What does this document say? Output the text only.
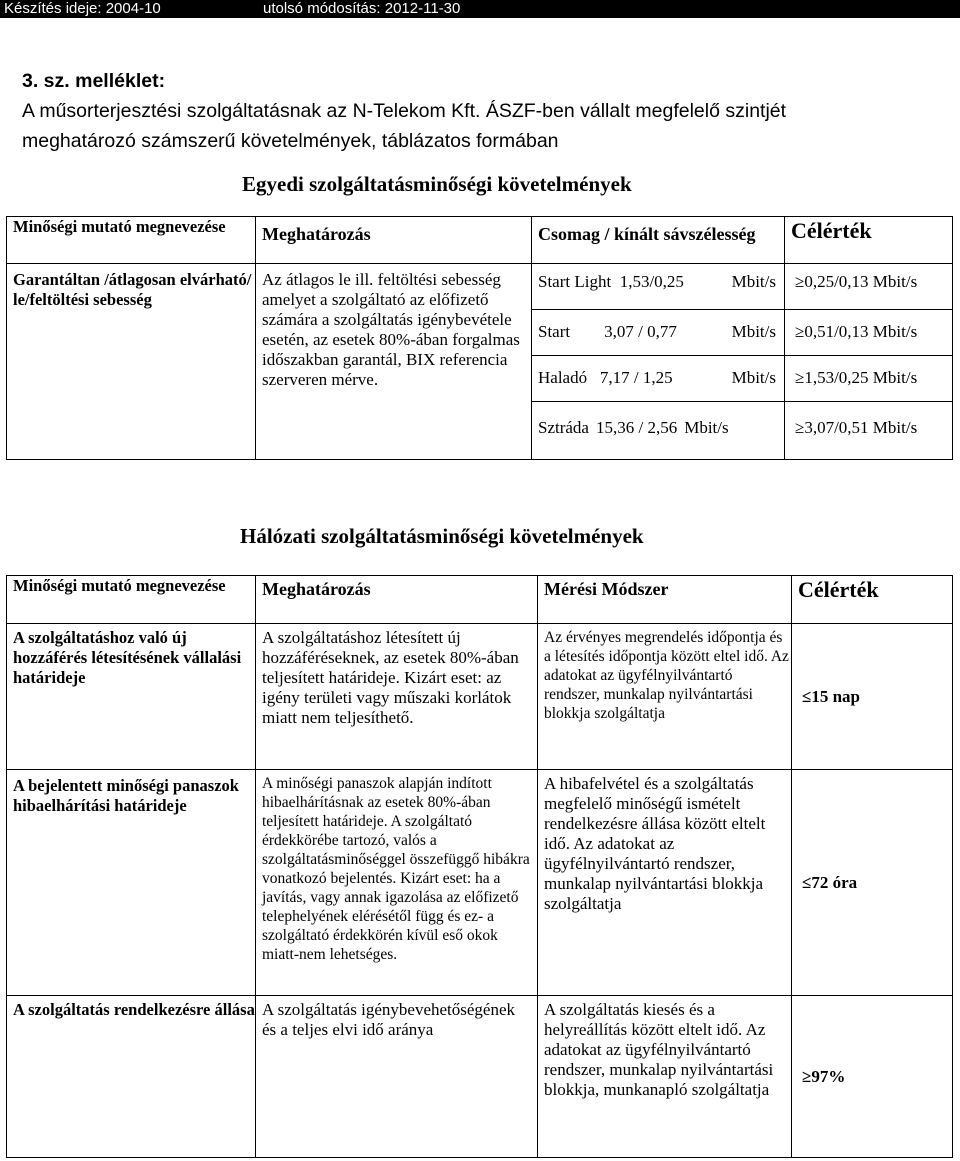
Készítés ideje: 2004-10	utolsó módosítás: 2012-11-30
3. sz. melléklet:
A műsorterjesztési szolgáltatásnak az N-Telekom Kft. ÁSZF-ben vállalt megfelelő szintjét
meghatározó számszerű követelmények, táblázatos formában
Egyedi szolgáltatásminőségi követelmények
Minőségi mutató megnevezése	Meghatározás	Csomag / kínált sávszélesség	Célérték
Garantáltan /átlagosan elvárható/ le/feltöltési sebesség	Az átlagos le ill. feltöltési sebesség amelyet a szolgáltató az előfizető számára a szolgáltatás igénybevétele esetén, az esetek 80%-ában forgalmas időszakban garantál, BIX referencia szerveren mérve.	Start Light 1,53/0,25 Mbit/s	≥0,25/0,13 Mbit/s

		Start 3,07 / 0,77 Mbit/s	≥0,51/0,13 Mbit/s

		Haladó 7,17 / 1,25 Mbit/s	≥1,53/0,25 Mbit/s

		Sztráda 15,36 / 2,56 Mbit/s	≥3,07/0,51 Mbit/s
Hálózati szolgáltatásminőségi követelmények
Minőségi mutató megnevezése	Meghatározás	Mérési Módszer	Célérték
A szolgáltatáshoz való új hozzáférés létesítésének vállalási határideje	A szolgáltatáshoz létesített új hozzáféréseknek, az esetek 80%-ában teljesített határideje. Kizárt eset: az igény területi vagy műszaki korlátok miatt nem teljesíthető.	Az érvényes megrendelés időpontja és a létesítés időpontja között eltel idő. Az adatokat az ügyfélnyilvántartó rendszer, munkalap nyilvántartási blokkja szolgáltatja	≤15 nap
A bejelentett minőségi panaszok hibaelhárítási határideje	A minőségi panaszok alapján indított hibaelhárításnak az esetek 80%-ában teljesített határideje. A szolgáltató érdekkörébe tartozó, valós a szolgáltatásminőséggel összefüggő hibákra vonatkozó bejelentés. Kizárt eset: ha a javítás, vagy annak igazolása az előfizető telephelyének elérésétől függ és ez- a szolgáltató érdekkörén kívül eső okok miatt-nem lehetséges.	A hibafelvétel és a szolgáltatás megfelelő minőségű ismételt rendelkezésre állása között eltelt idő. Az adatokat az ügyfélnyilvántartó rendszer, munkalap nyilvántartási blokkja szolgáltatja	≤72 óra
A szolgáltatás rendelkezésre állása	A szolgáltatás igénybevehetőségének és a teljes elvi idő aránya	A szolgáltatás kiesés és a helyreállítás között eltelt idő. Az adatokat az ügyfélnyilvántartó rendszer, munkalap nyilvántartási blokkja, munkanapló szolgáltatja	≥97%
